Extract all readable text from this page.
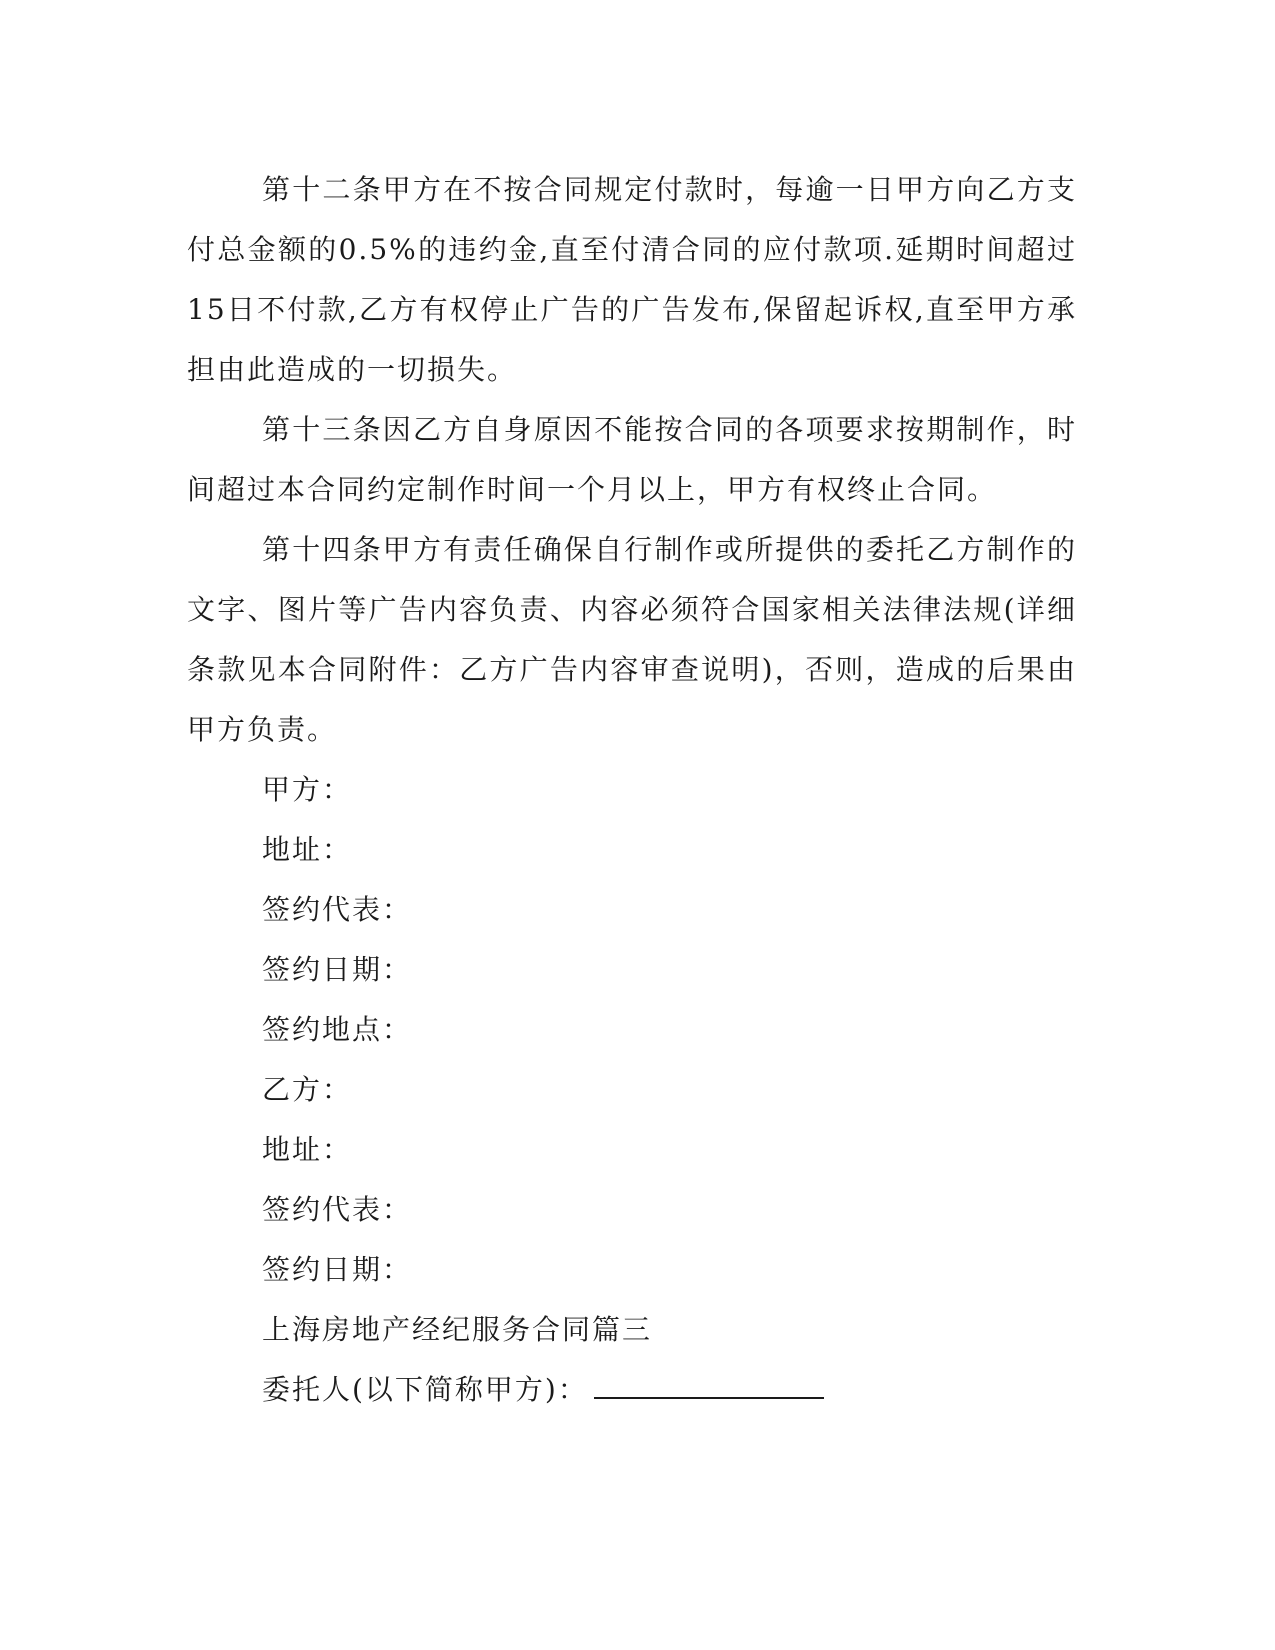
第十二条甲方在不按合同规定付款时，每逾一日甲方向乙方支付总金额的0.5%的违约金,直至付清合同的应付款项.延期时间超过15日不付款,乙方有权停止广告的广告发布,保留起诉权,直至甲方承担由此造成的一切损失。

第十三条因乙方自身原因不能按合同的各项要求按期制作，时间超过本合同约定制作时间一个月以上，甲方有权终止合同。

第十四条甲方有责任确保自行制作或所提供的委托乙方制作的文字、图片等广告内容负责、内容必须符合国家相关法律法规(详细条款见本合同附件：乙方广告内容审查说明)，否则，造成的后果由甲方负责。

甲方：

地址：

签约代表：

签约日期：

签约地点：

乙方：

地址：

签约代表：

签约日期：

上海房地产经纪服务合同篇三

委托人(以下简称甲方)：
